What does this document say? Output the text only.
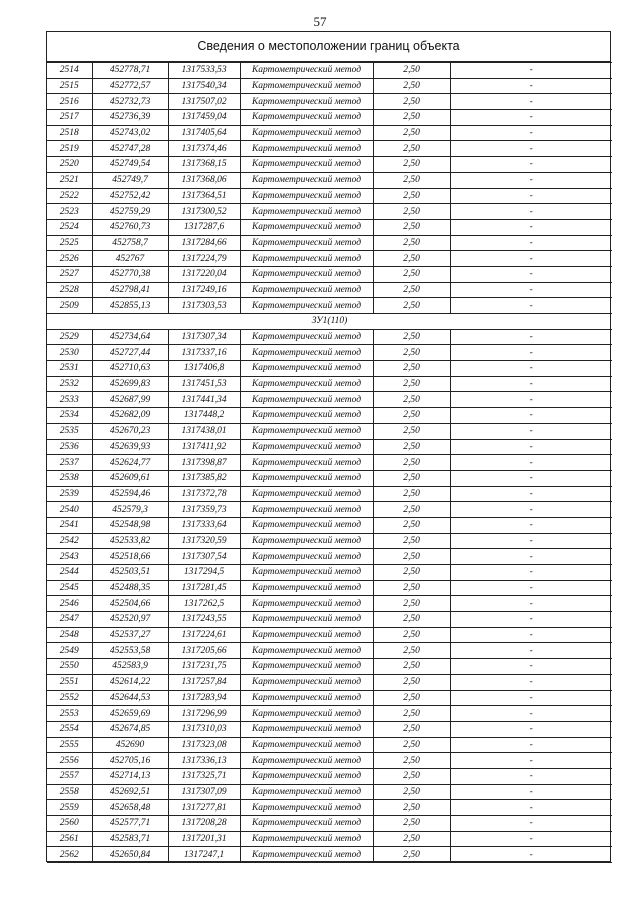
57
Сведения о местоположении границ объекта
2514	452778,71	1317533,53	Картометрический метод	2,50	-
2515	452772,57	1317540,34	Картометрический метод	2,50	-
2516	452732,73	1317507,02	Картометрический метод	2,50	-
2517	452736,39	1317459,04	Картометрический метод	2,50	-
2518	452743,02	1317405,64	Картометрический метод	2,50	-
2519	452747,28	1317374,46	Картометрический метод	2,50	-
2520	452749,54	1317368,15	Картометрический метод	2,50	-
2521	452749,7	1317368,06	Картометрический метод	2,50	-
2522	452752,42	1317364,51	Картометрический метод	2,50	-
2523	452759,29	1317300,52	Картометрический метод	2,50	-
2524	452760,73	1317287,6	Картометрический метод	2,50	-
2525	452758,7	1317284,66	Картометрический метод	2,50	-
2526	452767	1317224,79	Картометрический метод	2,50	-
2527	452770,38	1317220,04	Картометрический метод	2,50	-
2528	452798,41	1317249,16	Картометрический метод	2,50	-
2509	452855,13	1317303,53	Картометрический метод	2,50	-
ЗУ1(110)					
2529	452734,64	1317307,34	Картометрический метод	2,50	-
2530	452727,44	1317337,16	Картометрический метод	2,50	-
2531	452710,63	1317406,8	Картометрический метод	2,50	-
2532	452699,83	1317451,53	Картометрический метод	2,50	-
2533	452687,99	1317441,34	Картометрический метод	2,50	-
2534	452682,09	1317448,2	Картометрический метод	2,50	-
2535	452670,23	1317438,01	Картометрический метод	2,50	-
2536	452639,93	1317411,92	Картометрический метод	2,50	-
2537	452624,77	1317398,87	Картометрический метод	2,50	-
2538	452609,61	1317385,82	Картометрический метод	2,50	-
2539	452594,46	1317372,78	Картометрический метод	2,50	-
2540	452579,3	1317359,73	Картометрический метод	2,50	-
2541	452548,98	1317333,64	Картометрический метод	2,50	-
2542	452533,82	1317320,59	Картометрический метод	2,50	-
2543	452518,66	1317307,54	Картометрический метод	2,50	-
2544	452503,51	1317294,5	Картометрический метод	2,50	-
2545	452488,35	1317281,45	Картометрический метод	2,50	-
2546	452504,66	1317262,5	Картометрический метод	2,50	-
2547	452520,97	1317243,55	Картометрический метод	2,50	-
2548	452537,27	1317224,61	Картометрический метод	2,50	-
2549	452553,58	1317205,66	Картометрический метод	2,50	-
2550	452583,9	1317231,75	Картометрический метод	2,50	-
2551	452614,22	1317257,84	Картометрический метод	2,50	-
2552	452644,53	1317283,94	Картометрический метод	2,50	-
2553	452659,69	1317296,99	Картометрический метод	2,50	-
2554	452674,85	1317310,03	Картометрический метод	2,50	-
2555	452690	1317323,08	Картометрический метод	2,50	-
2556	452705,16	1317336,13	Картометрический метод	2,50	-
2557	452714,13	1317325,71	Картометрический метод	2,50	-
2558	452692,51	1317307,09	Картометрический метод	2,50	-
2559	452658,48	1317277,81	Картометрический метод	2,50	-
2560	452577,71	1317208,28	Картометрический метод	2,50	-
2561	452583,71	1317201,31	Картометрический метод	2,50	-
2562	452650,84	1317247,1	Картометрический метод	2,50	-
